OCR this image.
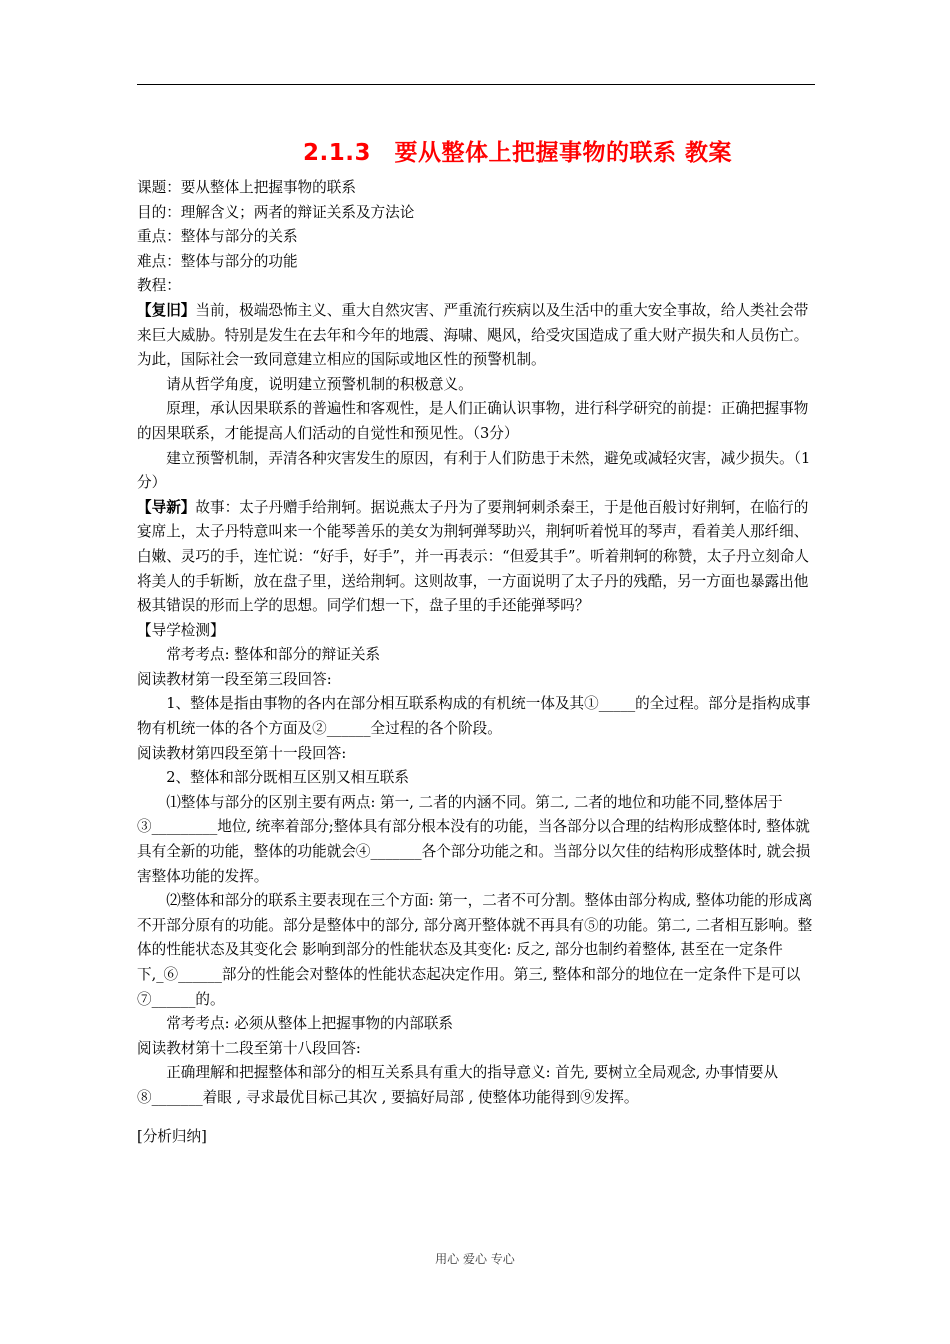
2.1.3　要从整体上把握事物的联系 教案

课题：要从整体上把握事物的联系

目的：理解含义；两者的辩证关系及方法论

重点：整体与部分的关系

难点：整体与部分的功能

教程：

【复旧】当前，极端恐怖主义、重大自然灾害、严重流行疾病以及生活中的重大安全事故，给人类社会带来巨大威胁。特别是发生在去年和今年的地震、海啸、飓风，给受灾国造成了重大财产损失和人员伤亡。为此，国际社会一致同意建立相应的国际或地区性的预警机制。

请从哲学角度，说明建立预警机制的积极意义。

原理，承认因果联系的普遍性和客观性，是人们正确认识事物，进行科学研究的前提：正确把握事物的因果联系，才能提高人们活动的自觉性和预见性。（3分）

建立预警机制，弄清各种灾害发生的原因，有利于人们防患于未然，避免或减轻灾害，减少损失。（1分）

【导新】故事：太子丹赠手给荆轲。据说燕太子丹为了要荆轲刺杀秦王，于是他百般讨好荆轲，在临行的宴席上，太子丹特意叫来一个能琴善乐的美女为荆轲弹琴助兴，荆轲听着悦耳的琴声，看着美人那纤细、白嫩、灵巧的手，连忙说：“好手，好手”，并一再表示：“但爱其手”。听着荆轲的称赞，太子丹立刻命人将美人的手斩断，放在盘子里，送给荆轲。这则故事，一方面说明了太子丹的残酷，另一方面也暴露出他极其错误的形而上学的思想。同学们想一下，盘子里的手还能弹琴吗？

【导学检测】

常考考点: 整体和部分的辩证关系

阅读教材第一段至第三段回答:

1、整体是指由事物的各内在部分相互联系构成的有机统一体及其①_____的全过程。部分是指构成事物有机统一体的各个方面及②______全过程的各个阶段。

阅读教材第四段至第十一段回答:

2、整体和部分既相互区别又相互联系

⑴整体与部分的区别主要有两点: 第一, 二者的内涵不同。第二, 二者的地位和功能不同,整体居于③_________地位, 统率着部分;整体具有部分根本没有的功能，当各部分以合理的结构形成整体时, 整体就具有全新的功能，整体的功能就会④_______各个部分功能之和。当部分以欠佳的结构形成整体时, 就会损害整体功能的发挥。

⑵整体和部分的联系主要表现在三个方面: 第一，二者不可分割。整体由部分构成, 整体功能的形成离不开部分原有的功能。部分是整体中的部分, 部分离开整体就不再具有⑤的功能。第二, 二者相互影响。整体的性能状态及其变化会 影响到部分的性能状态及其变化: 反之, 部分也制约着整体, 甚至在一定条件下,_⑥______部分的性能会对整体的性能状态起决定作用。第三, 整体和部分的地位在一定条件下是可以⑦______的。

常考考点: 必须从整体上把握事物的内部联系

阅读教材第十二段至第十八段回答:

正确理解和把握整体和部分的相互关系具有重大的指导意义: 首先, 要树立全局观念, 办事情要从⑧_______着眼 , 寻求最优目标己其次 , 要搞好局部 , 使整体功能得到⑨发挥。

[分析归纳]

用心 爱心 专心
